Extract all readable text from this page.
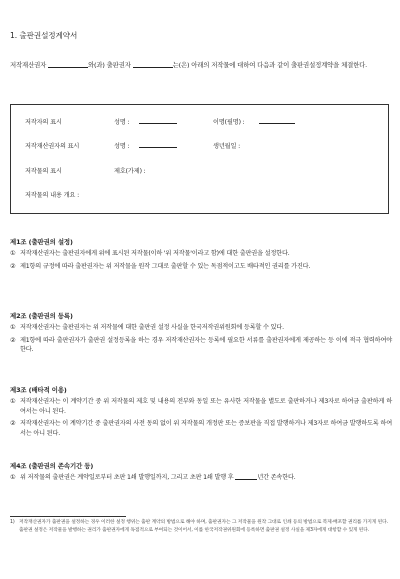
1. 출판권설정계약서
저작재산권자	와(과) 출판권자	는(은) 아래의 저작물에 대하여 다음과 같이 출판권설정계약을 체결한다.
저작자의 표시	성명 :	이명(필명) :
저작재산권자의 표시	성명 :	생년월일 :
저작물의 표시	제호(가제) :
저작물의 내용 개요 :
제1조 (출판권의 설정)
① 저작재산권자는 출판권자에게 위에 표시된 저작물(이하 '위 저작물'이라고 함)에 대한 출판권을 설정한다.
② 제1항의 규정에 따라 출판권자는 위 저작물을 원작 그대로 출판할 수 있는 독점적이고도 배타적인 권리를 가진다.
제2조 (출판권의 등록)
① 저작재산권자는 출판권자는 위 저작물에 대한 출판권 설정 사실을 한국저작권위원회에 등록할 수 있다.
② 제1항에 따라 출판권자가 출판권 설정등록을 하는 경우 저작재산권자는 등록에 필요한 서류를 출판권자에게 제공하는 등 이에 적극 협력하여야 한다.
제3조 (배타적 이용)
① 저작재산권자는 이 계약기간 중 위 저작물의 제호 및 내용의 전부와 동일 또는 유사한 저작물을 별도로 출판하거나 제3자로 하여금 출판하게 하여서는 아니 된다.
② 저작재산권자는 이 계약기간 중 출판권자의 사전 동의 없이 위 저작물의 개정판 또는 증보판을 직접 발행하거나 제3자로 하여금 발행하도록 하여서는 아니 된다.
제4조 (출판권의 존속기간 등)
① 위 저작물의 출판권은 계약일로부터 초판 1쇄 발행일까지, 그리고 초판 1쇄 발행 후	년간 존속한다.
1) 저작재산권자가 출판권을 설정하는 경우 이러한 설정 행위는 출판 계약의 방법으로 해야 하며, 출판권자는 그 저작물을 원작 그대로 인쇄 등의 방법으로 복제·배포할 권리를 가지게 된다. 출판권 설정은 저작물을 발행하는 권리가 출판권자에게 독점적으로 부여되는 것이어서, 이를 한국저작권위원회에 등록하면 출판권 설정 사실을 제3자에게 대항할 수 있게 된다.
